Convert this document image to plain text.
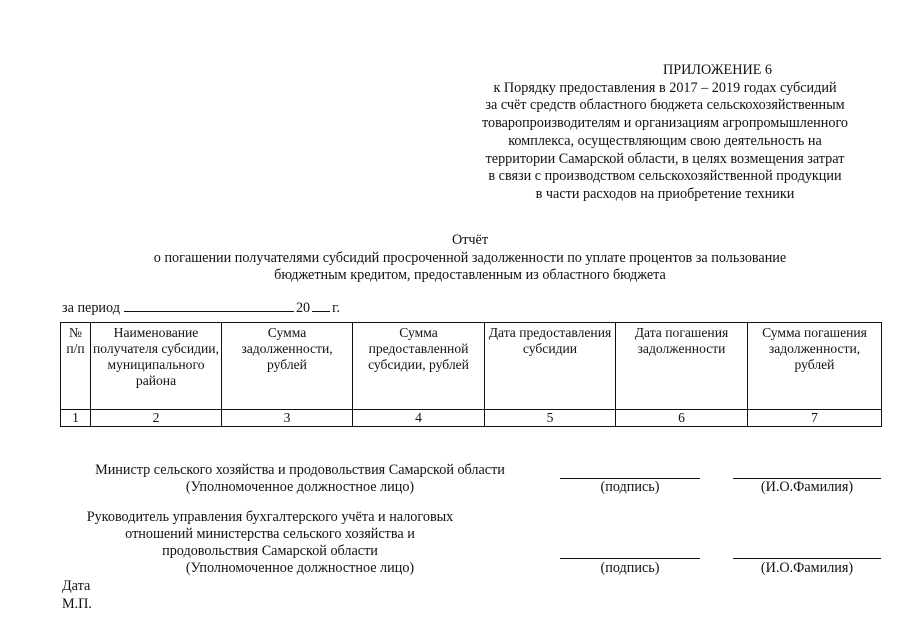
ПРИЛОЖЕНИЕ 6
к Порядку предоставления в 2017 – 2019 годах субсидий
за счёт средств областного бюджета сельскохозяйственным
товаропроизводителям и организациям агропромышленного
комплекса, осуществляющим свою деятельность на
территории Самарской области, в целях возмещения затрат
в связи с производством сельскохозяйственной продукции
в части расходов на приобретение техники
Отчёт
о погашении получателями субсидий просроченной задолженности по уплате процентов за пользование
бюджетным кредитом, предоставленным из областного бюджета
за период	20 г.
№ п/п	Наименование получателя субсидии, муниципального района	Сумма задолженности, рублей	Сумма предоставленной субсидии, рублей	Дата предоставления субсидии	Дата погашения задолженности	Сумма погашения задолженности, рублей
1	2	3	4	5	6	7
Министр сельского хозяйства и продовольствия Самарской области
(Уполномоченное должностное лицо)	(подпись)	(И.О.Фамилия)
Руководитель управления бухгалтерского учёта и налоговых
отношений министерства сельского хозяйства и
продовольствия Самарской области
(Уполномоченное должностное лицо)	(подпись)	(И.О.Фамилия)
Дата
М.П.
